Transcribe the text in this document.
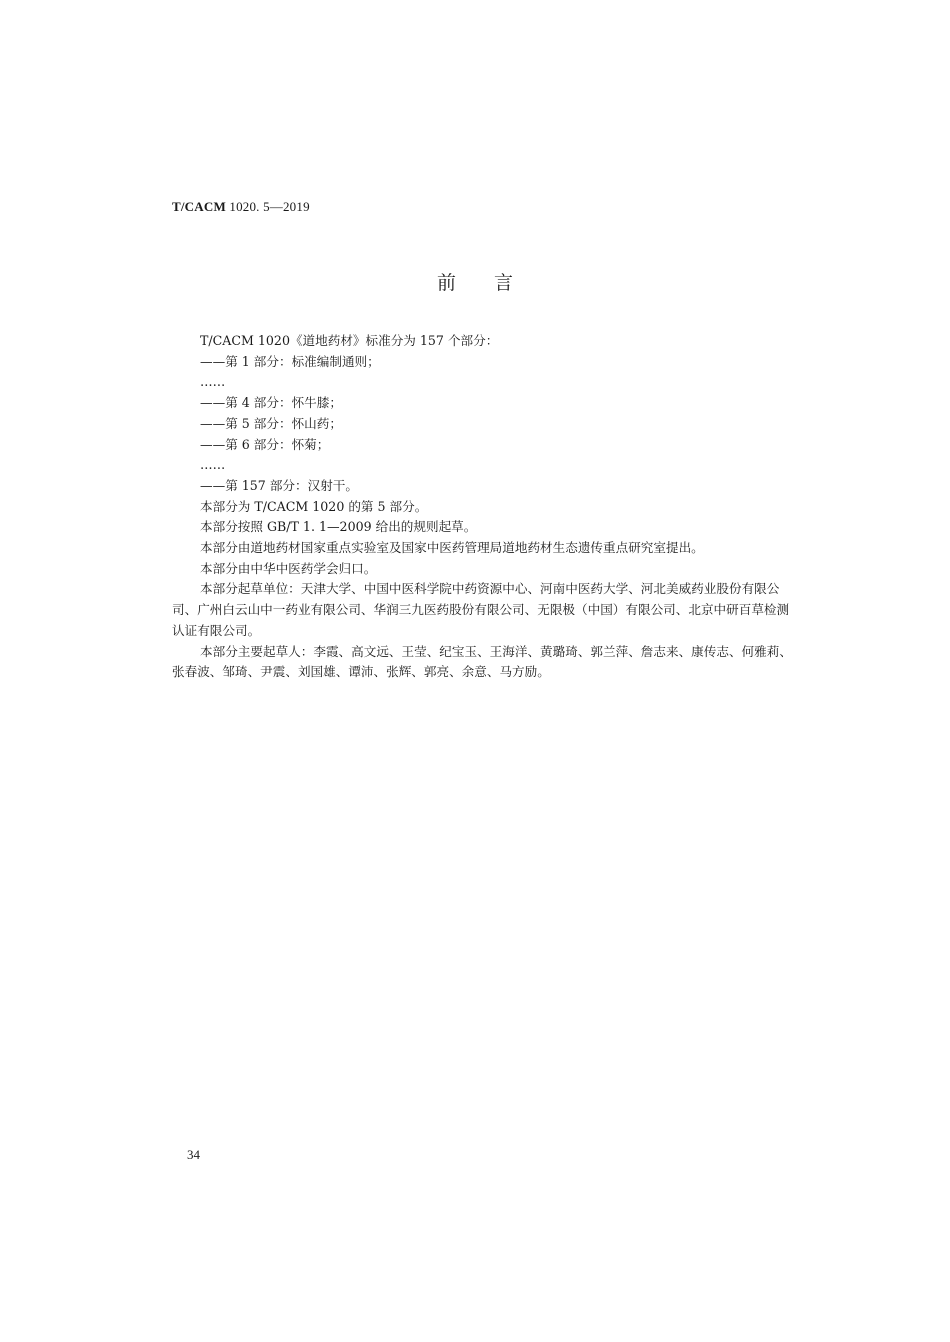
T/CACM 1020. 5—2019
前言

T/CACM 1020《道地药材》标准分为 157 个部分：

——第 1 部分：标准编制通则；

……

——第 4 部分：怀牛膝；

——第 5 部分：怀山药；

——第 6 部分：怀菊；

……

——第 157 部分：汉射干。

本部分为 T/CACM 1020 的第 5 部分。

本部分按照 GB/T 1. 1—2009 给出的规则起草。

本部分由道地药材国家重点实验室及国家中医药管理局道地药材生态遗传重点研究室提出。

本部分由中华中医药学会归口。

本部分起草单位：天津大学、中国中医科学院中药资源中心、河南中医药大学、河北美威药业股份有限公司、广州白云山中一药业有限公司、华润三九医药股份有限公司、无限极（中国）有限公司、北京中研百草检测认证有限公司。

本部分主要起草人：李霞、高文远、王莹、纪宝玉、王海洋、黄璐琦、郭兰萍、詹志来、康传志、何雅莉、张春波、邹琦、尹震、刘国雄、谭沛、张辉、郭亮、余意、马方励。

34
